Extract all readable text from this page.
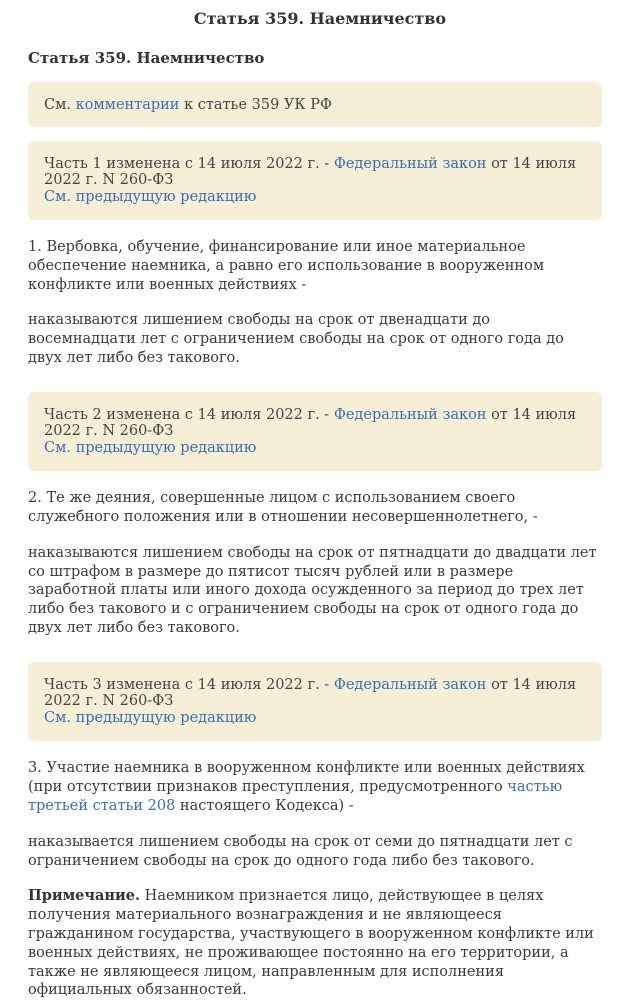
Статья 359. Наемничество
Статья 359. Наемничество
См. комментарии к статье 359 УК РФ
Часть 1 изменена с 14 июля 2022 г. - Федеральный закон от 14 июля 2022 г. N 260-ФЗ
См. предыдущую редакцию
1. Вербовка, обучение, финансирование или иное материальное обеспечение наемника, а равно его использование в вооруженном конфликте или военных действиях -
наказываются лишением свободы на срок от двенадцати до восемнадцати лет с ограничением свободы на срок от одного года до двух лет либо без такового.
Часть 2 изменена с 14 июля 2022 г. - Федеральный закон от 14 июля 2022 г. N 260-ФЗ
См. предыдущую редакцию
2. Те же деяния, совершенные лицом с использованием своего служебного положения или в отношении несовершеннолетнего, -
наказываются лишением свободы на срок от пятнадцати до двадцати лет со штрафом в размере до пятисот тысяч рублей или в размере заработной платы или иного дохода осужденного за период до трех лет либо без такового и с ограничением свободы на срок от одного года до двух лет либо без такового.
Часть 3 изменена с 14 июля 2022 г. - Федеральный закон от 14 июля 2022 г. N 260-ФЗ
См. предыдущую редакцию
3. Участие наемника в вооруженном конфликте или военных действиях (при отсутствии признаков преступления, предусмотренного частью третьей статьи 208 настоящего Кодекса) -
наказывается лишением свободы на срок от семи до пятнадцати лет с ограничением свободы на срок до одного года либо без такового.
Примечание. Наемником признается лицо, действующее в целях получения материального вознаграждения и не являющееся гражданином государства, участвующего в вооруженном конфликте или военных действиях, не проживающее постоянно на его территории, а также не являющееся лицом, направленным для исполнения официальных обязанностей.
